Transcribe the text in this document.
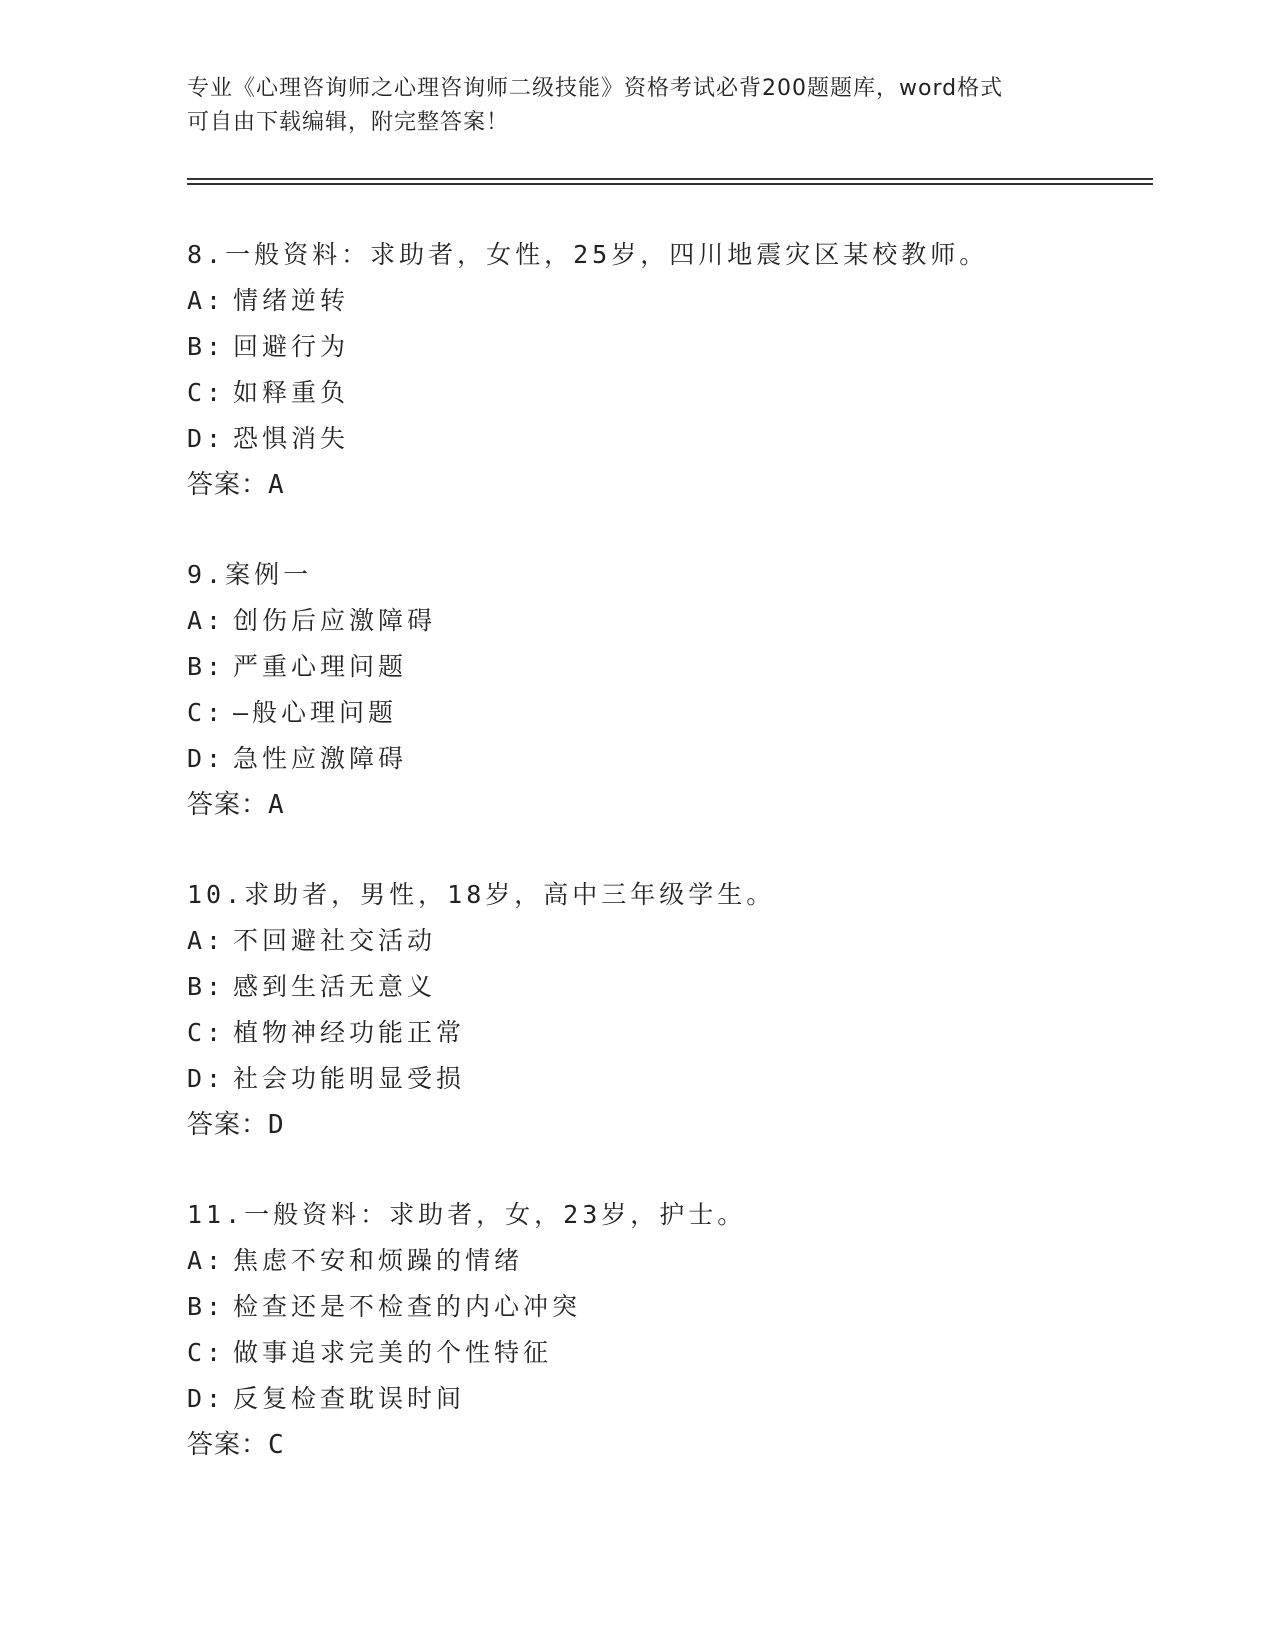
专业《心理咨询师之心理咨询师二级技能》资格考试必背200题题库，word格式
可自由下载编辑，附完整答案！
8.一般资料：求助者，女性，25岁，四川地震灾区某校教师。
A: 情绪逆转
B: 回避行为
C: 如释重负
D: 恐惧消失
答案：A
9.案例一
A: 创伤后应激障碍
B: 严重心理问题
C: —般心理问题
D: 急性应激障碍
答案：A
10.求助者，男性，18岁，高中三年级学生。
A: 不回避社交活动
B: 感到生活无意义
C: 植物神经功能正常
D: 社会功能明显受损
答案：D
11.一般资料：求助者，女，23岁，护士。
A: 焦虑不安和烦躁的情绪
B: 检查还是不检查的内心冲突
C: 做事追求完美的个性特征
D: 反复检查耽误时间
答案：C
